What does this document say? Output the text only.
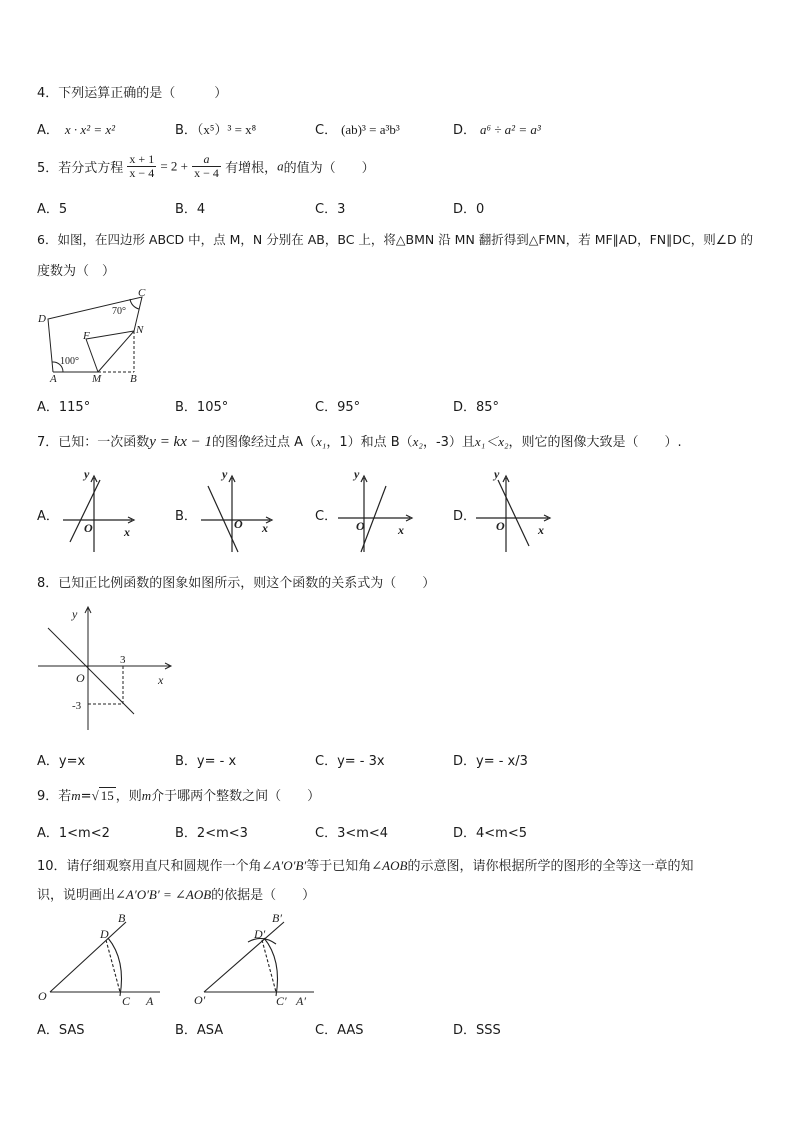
4．下列运算正确的是（　　　）
A． x · x² = x²	B．（x⁵）³ = x⁸	C． (ab)³ = a³b³	D． a⁶ ÷ a² = a³
5．若分式方程 $\frac{x + 1}{x - 4} = 2 + \frac{a}{x - 4}$ 有增根，a的值为（　　）
A．5	B．4	C．3	D．0
6．如图，在四边形 ABCD 中，点 M，N 分别在 AB，BC 上，将△BMN 沿 MN 翻折得到△FMN，若 MF∥AD，FN∥DC，则∠D 的
度数为（　）
D
C
N
F
A	M	B
70°
100°
A．115°	B．105°	C．95°	D．85°
7．已知：一次函数y = kx − 1的图像经过点 A（x₁，1）和点 B（x₂，-3）且x₁＜x₂，则它的图像大致是（　　）.
A．
y
x
O
B．
y
x
O	C．
y
x
O
D．
y
x
O
8．已知正比例函数的图象如图所示，则这个函数的关系式为（　　）
y
x
O
3
-3
A．y=x	B．y= - x	C．y= - 3x	D．y= - x/3
9．若m=√ 15 ，则m介于哪两个整数之间（　　）
A．1<m<2	B．2<m<3	C．3<m<4	D．4<m<5
10．请仔细观察用直尺和圆规作一个角∠A′O′B′等于已知角∠AOB的示意图，请你根据所学的图形的全等这一章的知
识，说明画出∠A′O′B′ = ∠AOB的依据是（　　）
B
D
O	C A
B′
D′
O′	C′ A′
A．SAS	B．ASA	C．AAS	D．SSS
